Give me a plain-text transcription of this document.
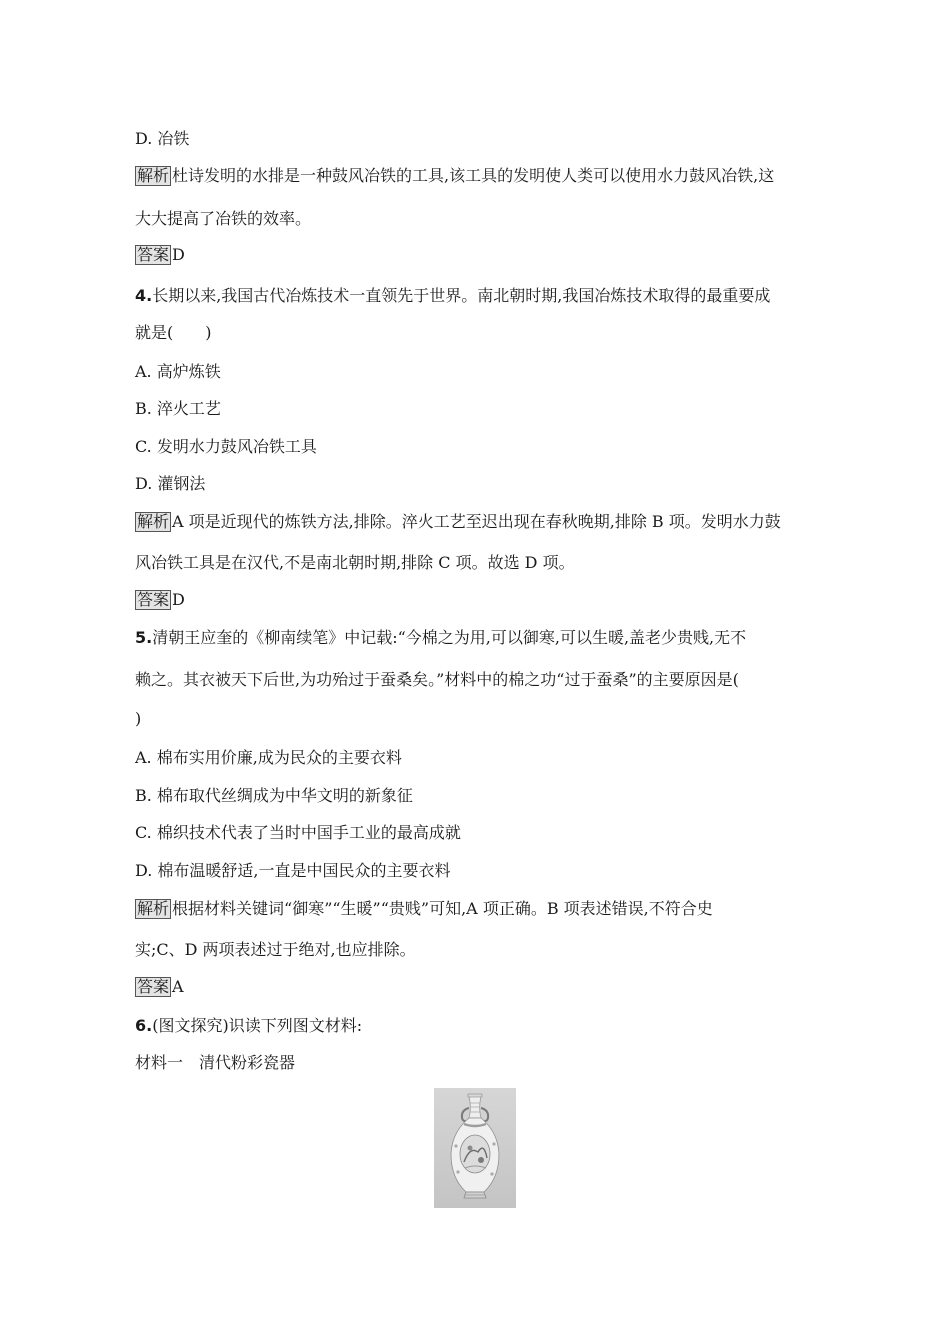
D. 冶铁
解析 杜诗发明的水排是一种鼓风冶铁的工具,该工具的发明使人类可以使用水力鼓风冶铁,这
大大提高了冶铁的效率。
答案 D
4.长期以来,我国古代冶炼技术一直领先于世界。南北朝时期,我国冶炼技术取得的最重要成
就是(　　)
A. 高炉炼铁
B. 淬火工艺
C. 发明水力鼓风冶铁工具
D. 灌钢法
解析 A 项是近现代的炼铁方法,排除。淬火工艺至迟出现在春秋晚期,排除 B 项。发明水力鼓
风冶铁工具是在汉代,不是南北朝时期,排除 C 项。故选 D 项。
答案 D
5.清朝王应奎的《柳南续笔》中记载:“今棉之为用,可以御寒,可以生暖,盖老少贵贱,无不
赖之。其衣被天下后世,为功殆过于蚕桑矣。”材料中的棉之功“过于蚕桑”的主要原因是(
)
A. 棉布实用价廉,成为民众的主要衣料
B. 棉布取代丝绸成为中华文明的新象征
C. 棉织技术代表了当时中国手工业的最高成就
D. 棉布温暖舒适,一直是中国民众的主要衣料
解析 根据材料关键词“御寒”“生暖”“贵贱”可知,A 项正确。B 项表述错误,不符合史
实;C、D 两项表述过于绝对,也应排除。
答案 A
6.(图文探究)识读下列图文材料:
材料一　清代粉彩瓷器
